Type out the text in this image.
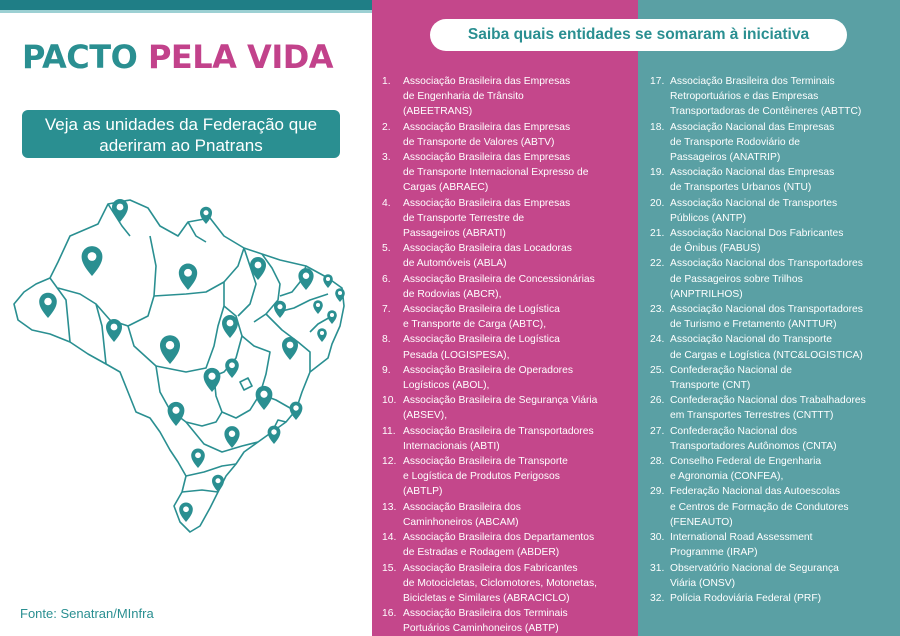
PACTO PELA VIDA
Veja as unidades da Federação que aderiram ao Pnatrans
Fonte: Senatran/MInfra
Saiba quais entidades se somaram à iniciativa
1.	Associação Brasileira das Empresas
de Engenharia de Trânsito
(ABEETRANS)
2.	Associação Brasileira das Empresas
de Transporte de Valores (ABTV)
3.	Associação Brasileira das Empresas
de Transporte Internacional Expresso de
Cargas (ABRAEC)
4.	Associação Brasileira das Empresas
de Transporte Terrestre de
Passageiros (ABRATI)
5.	Associação Brasileira das Locadoras
de Automóveis (ABLA)
6.	Associação Brasileira de Concessionárias
de Rodovias (ABCR),
7.	Associação Brasileira de Logística
e Transporte de Carga (ABTC),
8.	Associação Brasileira de Logística
Pesada (LOGISPESA),
9.	Associação Brasileira de Operadores
Logísticos (ABOL),
10. Associação Brasileira de Segurança Viária
(ABSEV),
11. Associação Brasileira de Transportadores
Internacionais (ABTI)
12. Associação Brasileira de Transporte
e Logística de Produtos Perigosos
(ABTLP)
13. Associação Brasileira dos
Caminhoneiros (ABCAM)
14. Associação Brasileira dos Departamentos
de Estradas e Rodagem (ABDER)
15. Associação Brasileira dos Fabricantes
de Motocicletas, Ciclomotores, Motonetas,
Bicicletas e Similares (ABRACICLO)
16. Associação Brasileira dos Terminais
Portuários Caminhoneiros (ABTP)
17. Associação Brasileira dos Terminais
Retroportuários e das Empresas
Transportadoras de Contêineres (ABTTC)
18. Associação Nacional das Empresas
de Transporte Rodoviário de
Passageiros (ANATRIP)
19. Associação Nacional das Empresas
de Transportes Urbanos (NTU)
20. Associação Nacional de Transportes
Públicos (ANTP)
21. Associação Nacional Dos Fabricantes
de Ônibus (FABUS)
22. Associação Nacional dos Transportadores
de Passageiros sobre Trilhos
(ANPTRILHOS)
23. Associação Nacional dos Transportadores
de Turismo e Fretamento (ANTTUR)
24. Associação Nacional do Transporte
de Cargas e Logística (NTC&LOGISTICA)
25. Confederação Nacional de
Transporte (CNT)
26. Confederação Nacional dos Trabalhadores
em Transportes Terrestres (CNTTT)
27. Confederação Nacional dos
Transportadores Autônomos (CNTA)
28. Conselho Federal de Engenharia
e Agronomia (CONFEA),
29. Federação Nacional das Autoescolas
e Centros de Formação de Condutores
(FENEAUTO)
30. International Road Assessment
Programme (IRAP)
31. Observatório Nacional de Segurança
Viária (ONSV)
32. Polícia Rodoviária Federal (PRF)
